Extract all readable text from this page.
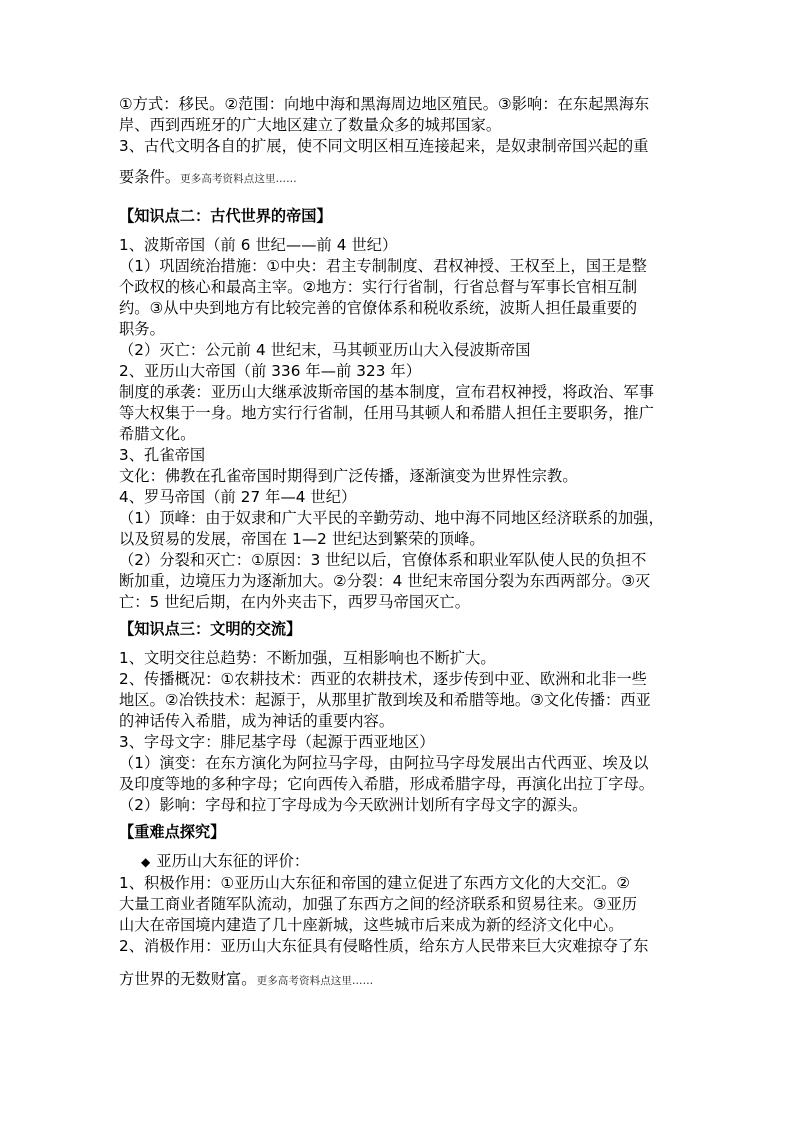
①方式：移民。②范围：向地中海和黑海周边地区殖民。③影响：在东起黑海东
岸、西到西班牙的广大地区建立了数量众多的城邦国家。
3、古代文明各自的扩展，使不同文明区相互连接起来，是奴隶制帝国兴起的重
要条件。更多高考资料点这里……
【知识点二：古代世界的帝国】
1、波斯帝国（前 6 世纪——前 4 世纪）
（1）巩固统治措施：①中央：君主专制制度、君权神授、王权至上，国王是整
个政权的核心和最高主宰。②地方：实行行省制，行省总督与军事长官相互制
约。③从中央到地方有比较完善的官僚体系和税收系统，波斯人担任最重要的
职务。
（2）灭亡：公元前 4 世纪末，马其顿亚历山大入侵波斯帝国
2、亚历山大帝国（前 336 年—前 323 年）
制度的承袭：亚历山大继承波斯帝国的基本制度，宣布君权神授，将政治、军事
等大权集于一身。地方实行行省制，任用马其顿人和希腊人担任主要职务，推广
希腊文化。
3、孔雀帝国
文化：佛教在孔雀帝国时期得到广泛传播，逐渐演变为世界性宗教。
4、罗马帝国（前 27 年—4 世纪）
（1）顶峰：由于奴隶和广大平民的辛勤劳动、地中海不同地区经济联系的加强，
以及贸易的发展，帝国在 1—2 世纪达到繁荣的顶峰。
（2）分裂和灭亡：①原因：3 世纪以后，官僚体系和职业军队使人民的负担不
断加重，边境压力为逐渐加大。②分裂：4 世纪末帝国分裂为东西两部分。③灭
亡：5 世纪后期，在内外夹击下，西罗马帝国灭亡。
【知识点三：文明的交流】
1、文明交往总趋势：不断加强，互相影响也不断扩大。
2、传播概况：①农耕技术：西亚的农耕技术，逐步传到中亚、欧洲和北非一些
地区。②冶铁技术：起源于，从那里扩散到埃及和希腊等地。③文化传播：西亚
的神话传入希腊，成为神话的重要内容。
3、字母文字：腓尼基字母（起源于西亚地区）
（1）演变：在东方演化为阿拉马字母，由阿拉马字母发展出古代西亚、埃及以
及印度等地的多种字母；它向西传入希腊，形成希腊字母，再演化出拉丁字母。
（2）影响：字母和拉丁字母成为今天欧洲计划所有字母文字的源头。
【重难点探究】
◆ 亚历山大东征的评价：
1、积极作用：①亚历山大东征和帝国的建立促进了东西方文化的大交汇。②
大量工商业者随军队流动，加强了东西方之间的经济联系和贸易往来。③亚历
山大在帝国境内建造了几十座新城，这些城市后来成为新的经济文化中心。
2、消极作用：亚历山大东征具有侵略性质，给东方人民带来巨大灾难掠夺了东
方世界的无数财富。更多高考资料点这里……
